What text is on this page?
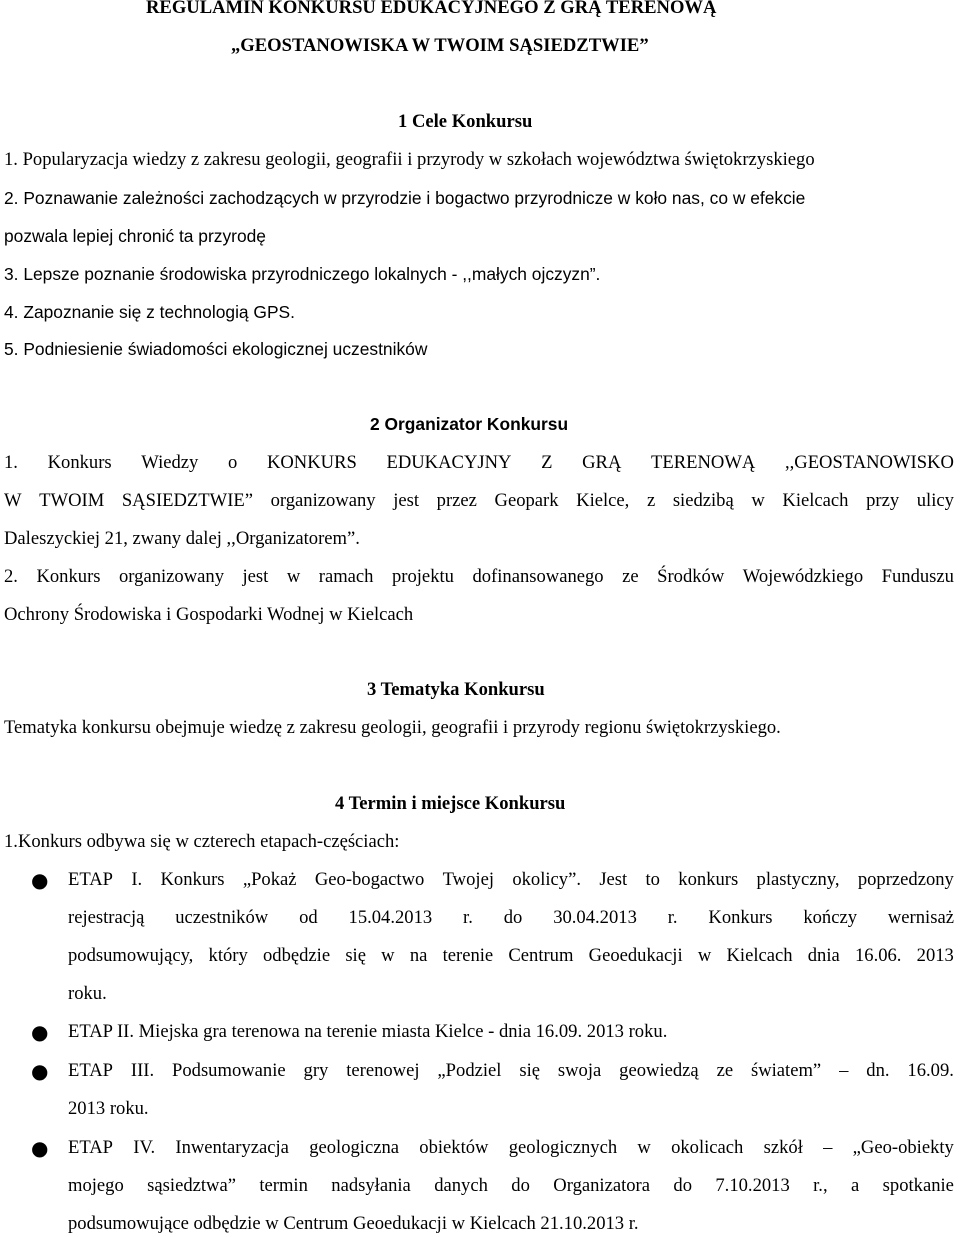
REGULAMIN KONKURSU EDUKACYJNEGO Z GRĄ TERENOWĄ

„GEOSTANOWISKA W TWOIM SĄSIEDZTWIE”

1 Cele Konkursu

1. Popularyzacja wiedzy z zakresu geologii, geografii i przyrody w szkołach województwa świętokrzyskiego

2. Poznawanie zależności zachodzących w przyrodzie i bogactwo przyrodnicze w koło nas, co w efekcie

pozwala lepiej chronić ta przyrodę

3. Lepsze poznanie środowiska przyrodniczego lokalnych - ,,małych ojczyzn”.

4. Zapoznanie się z technologią GPS.

5. Podniesienie świadomości ekologicznej uczestników

2 Organizator Konkursu

1. Konkurs Wiedzy o KONKURS EDUKACYJNY Z GRĄ TERENOWĄ ,,GEOSTANOWISKO

W TWOIM SĄSIEDZTWIE” organizowany jest przez Geopark Kielce, z siedzibą w Kielcach przy ulicy

Daleszyckiej 21, zwany dalej ,,Organizatorem”.

2. Konkurs organizowany jest w ramach projektu dofinansowanego ze Środków Wojewódzkiego Funduszu

Ochrony Środowiska i Gospodarki Wodnej w Kielcach

3 Tematyka Konkursu

Tematyka konkursu obejmuje wiedzę z zakresu geologii, geografii i przyrody regionu świętokrzyskiego.

4 Termin i miejsce Konkursu

1.Konkurs odbywa się w czterech etapach-częściach:

● ETAP I. Konkurs „Pokaż Geo-bogactwo Twojej okolicy”. Jest to konkurs plastyczny, poprzedzony

rejestracją uczestników od 15.04.2013 r. do 30.04.2013 r. Konkurs kończy wernisaż

podsumowujący, który odbędzie się w na terenie Centrum Geoedukacji w Kielcach dnia 16.06. 2013

roku.

● ETAP II. Miejska gra terenowa na terenie miasta Kielce - dnia 16.09. 2013 roku.

● ETAP III. Podsumowanie gry terenowej „Podziel się swoja geowiedzą ze światem” – dn. 16.09.

2013 roku.

● ETAP IV. Inwentaryzacja geologiczna obiektów geologicznych w okolicach szkół – „Geo-obiekty

mojego sąsiedztwa” termin nadsyłania danych do Organizatora do 7.10.2013 r., a spotkanie

podsumowujące odbędzie w Centrum Geoedukacji w Kielcach 21.10.2013 r.
